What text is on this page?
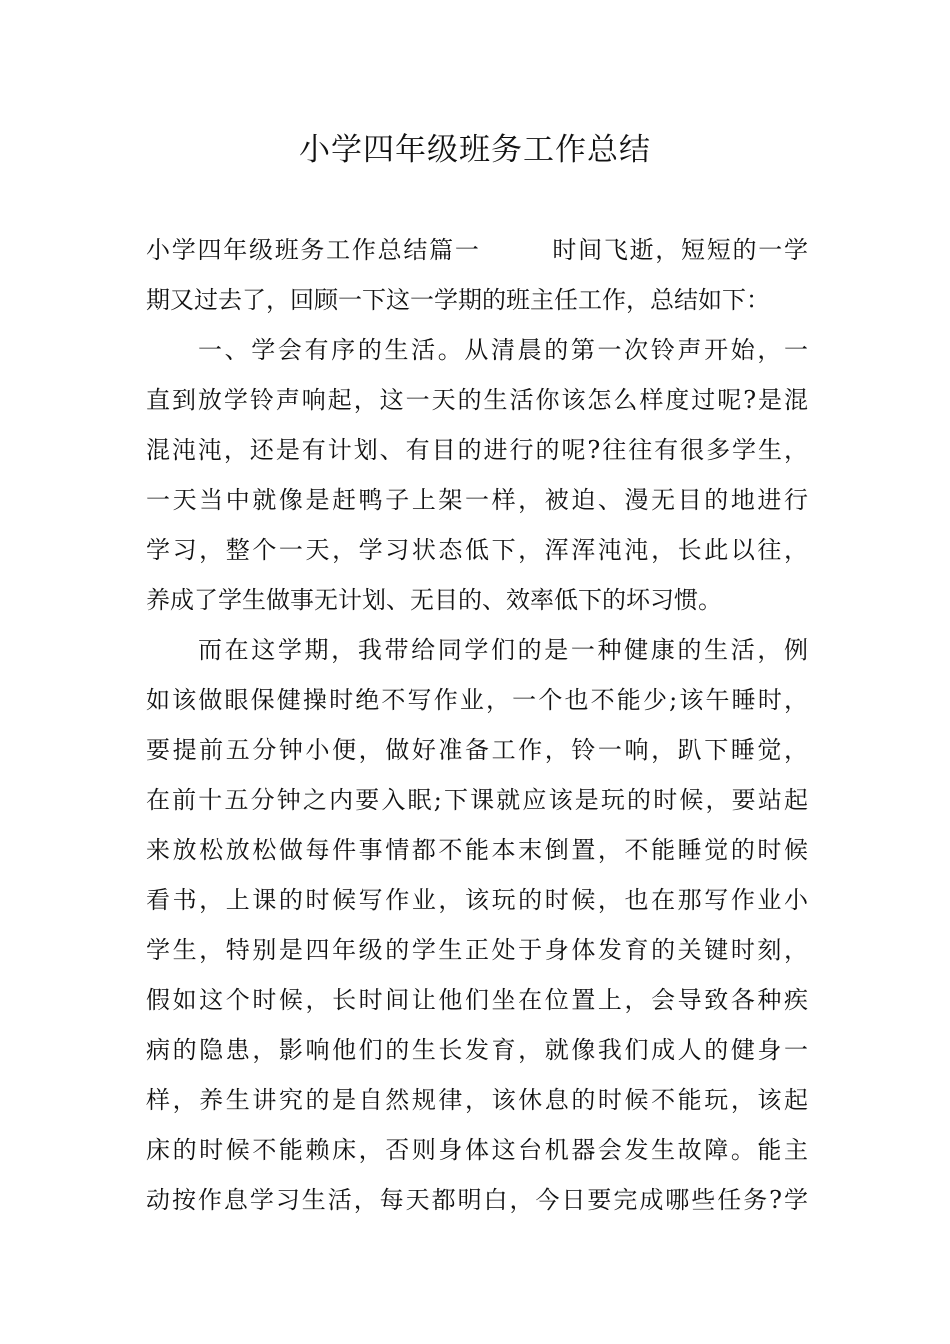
小学四年级班务工作总结
小学四年级班务工作总结篇一	时间飞逝，短短的一学
期又过去了，回顾一下这一学期的班主任工作，总结如下：
一、学会有序的生活。从清晨的第一次铃声开始，一
直到放学铃声响起，这一天的生活你该怎么样度过呢?是混
混沌沌，还是有计划、有目的进行的呢?往往有很多学生，
一天当中就像是赶鸭子上架一样，被迫、漫无目的地进行
学习，整个一天，学习状态低下，浑浑沌沌，长此以往，
养成了学生做事无计划、无目的、效率低下的坏习惯。
而在这学期，我带给同学们的是一种健康的生活，例
如该做眼保健操时绝不写作业，一个也不能少;该午睡时，
要提前五分钟小便，做好准备工作，铃一响，趴下睡觉，
在前十五分钟之内要入眠;下课就应该是玩的时候，要站起
来放松放松做每件事情都不能本末倒置，不能睡觉的时候
看书，上课的时候写作业，该玩的时候，也在那写作业小
学生，特别是四年级的学生正处于身体发育的关键时刻，
假如这个时候，长时间让他们坐在位置上，会导致各种疾
病的隐患，影响他们的生长发育，就像我们成人的健身一
样，养生讲究的是自然规律，该休息的时候不能玩，该起
床的时候不能赖床，否则身体这台机器会发生故障。能主
动按作息学习生活，每天都明白，今日要完成哪些任务?学
